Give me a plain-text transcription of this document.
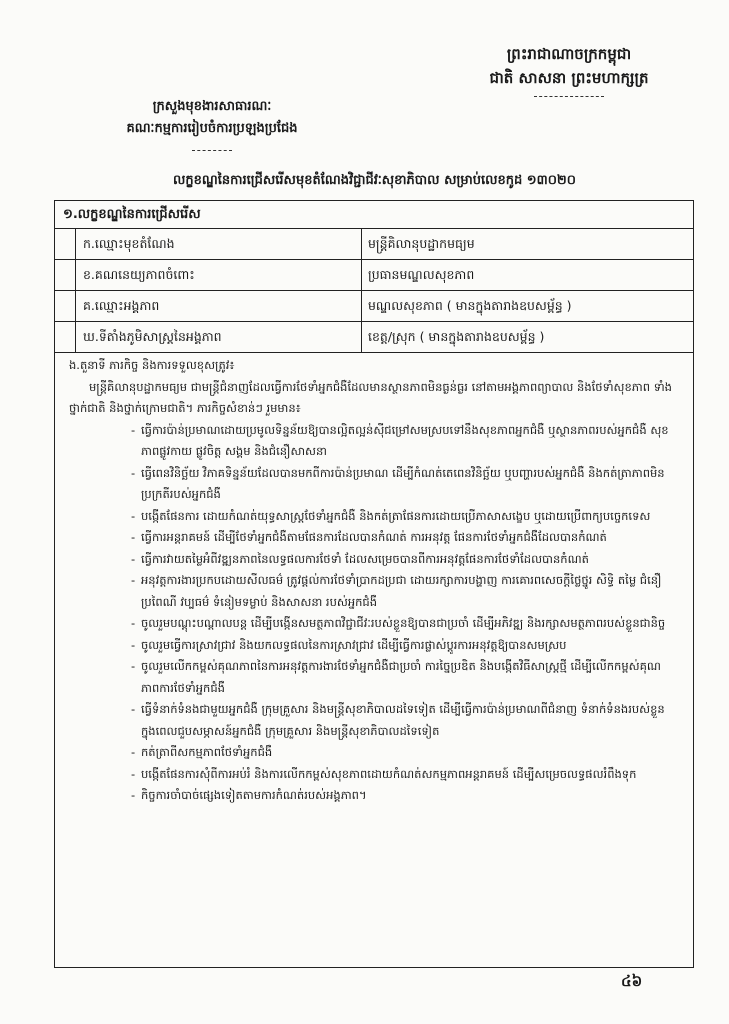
ព្រះរាជាណាចក្រកម្ពុជា
ជាតិ សាសនា ព្រះមហាក្សត្រ
ក្រសួងមុខងារសាធារណៈ
គណៈកម្មការរៀបចំការប្រឡងប្រជែង
លក្ខខណ្ឌនៃការជ្រើសរើសមុខតំណែងវិជ្ជាជីវៈសុខាភិបាល សម្រាប់លេខកូដ ១៣០២០
១.លក្ខខណ្ឌនៃការជ្រើសរើស
ក.ឈ្មោះមុខតំណែង	មន្ត្រីគិលានុបដ្ឋាកមធ្យម
ខ.គណនេយ្យភាពចំពោះ	ប្រធានមណ្ឌលសុខភាព
គ.ឈ្មោះអង្គភាព	មណ្ឌលសុខភាព ( មានក្នុងតារាងឧបសម្ព័ន្ធ )
ឃ.ទីតាំងភូមិសាស្ត្រនៃអង្គភាព	ខេត្ត/ស្រុក ( មានក្នុងតារាងឧបសម្ព័ន្ធ )
ង.តួនាទី ភារកិច្ច និងការទទួលខុសត្រូវ៖
មន្ត្រីគិលានុបដ្ឋាកមធ្យម ជាមន្ត្រីជំនាញដែលធ្វើការថែទាំអ្នកជំងឺដែលមានស្ថានភាពមិនធ្ងន់ធ្ងរ នៅតាមអង្គភាពព្យាបាល និងថែទាំសុខភាព ទាំងថ្នាក់ជាតិ និងថ្នាក់ក្រោមជាតិ។ ភារកិច្ចសំខាន់ៗ រួមមាន៖
- ធ្វើការប៉ាន់ប្រមាណដោយប្រមូលទិន្នន័យឱ្យបានល្អិតល្អន់ស៊ីជម្រៅសមស្របទៅនឹងសុខភាពអ្នកជំងឺ ឬស្ថានភាពរបស់អ្នកជំងឺ សុខភាពផ្លូវកាយ ផ្លូវចិត្ត សង្គម និងជំនឿសាសនា
- ធ្វើពេនវិនិច្ឆ័យ វិភាគទិន្នន័យដែលបានមកពីការប៉ាន់ប្រមាណ ដើម្បីកំណត់តេពេនវិនិច្ឆ័យ ឬបញ្ហារបស់អ្នកជំងឺ និងកត់ត្រាភាពមិនប្រក្រតីរបស់អ្នកជំងឺ
- បង្កើតផែនការ ដោយកំណត់យុទ្ធសាស្ត្រថែទាំអ្នកជំងឺ និងកត់ត្រាផែនការដោយប្រើភាសាសង្ខេប ឬដោយប្រើពាក្យបច្ចេកទេស
- ធ្វើការអន្តរាគមន៍ ដើម្បីថែទាំអ្នកជំងឺតាមផែនការដែលបានកំណត់ ការអនុវត្ត ផែនការថែទាំអ្នកជំងឺដែលបានកំណត់
- ធ្វើការវាយតម្លៃអំពីវឌ្ឍនភាពនៃលទ្ធផលការថែទាំ ដែលសម្រេចបានពីការអនុវត្តផែនការថែទាំដែលបានកំណត់
- អនុវត្តការងារប្រកបដោយសីលធម៌ ត្រូវផ្ដល់ការថែទាំប្រាកដប្រជា ដោយរក្សាការបង្ហាញ ការគោរពសេចក្ដីថ្លៃថ្នូរ សិទ្ធិ តម្លៃ ជំនឿ ប្រពៃណី វប្បធម៌ ទំនៀមទម្លាប់ និងសាសនា របស់អ្នកជំងឺ
- ចូលរួមបណ្តុះបណ្តាលបន្ត ដើម្បីបង្កើនសមត្ថភាពវិជ្ជាជីវៈរបស់ខ្លួនឱ្យបានជាប្រចាំ ដើម្បីអភិវឌ្ឍ និងរក្សាសមត្ថភាពរបស់ខ្លួនជានិច្ច
- ចូលរួមធ្វើការស្រាវជ្រាវ និងយកលទ្ធផលនៃការស្រាវជ្រាវ ដើម្បីធ្វើការផ្លាស់ប្ដូរការអនុវត្តឱ្យបានសមស្រប
- ចូលរួមលើកកម្ពស់គុណភាពនៃការអនុវត្តការងារថែទាំអ្នកជំងឺជាប្រចាំ ការច្នៃប្រឌិត និងបង្កើតវិធីសាស្ត្រថ្មី ដើម្បីលើកកម្ពស់គុណភាពការថែទាំអ្នកជំងឺ
- ធ្វើទំនាក់ទំនងជាមួយអ្នកជំងឺ ក្រុមគ្រួសារ និងមន្ត្រីសុខាភិបាលដទៃទៀត ដើម្បីធ្វើការប៉ាន់ប្រមាណពីជំនាញ ទំនាក់ទំនងរបស់ខ្លួនក្នុងពេលជួបសម្ភាសន៍អ្នកជំងឺ ក្រុមគ្រួសារ និងមន្ត្រីសុខាភិបាលដទៃទៀត
- កត់ត្រាពីសកម្មភាពថែទាំអ្នកជំងឺ
- បង្កើតផែនការសុំពីការអប់រំ និងការលើកកម្ពស់សុខភាពដោយកំណត់សកម្មភាពអន្តរាគមន៍ ដើម្បីសម្រេចលទ្ធផលរំពឹងទុក
- កិច្ចការចាំបាច់ផ្សេងទៀតតាមការកំណត់របស់អង្គភាព។
៤៦
